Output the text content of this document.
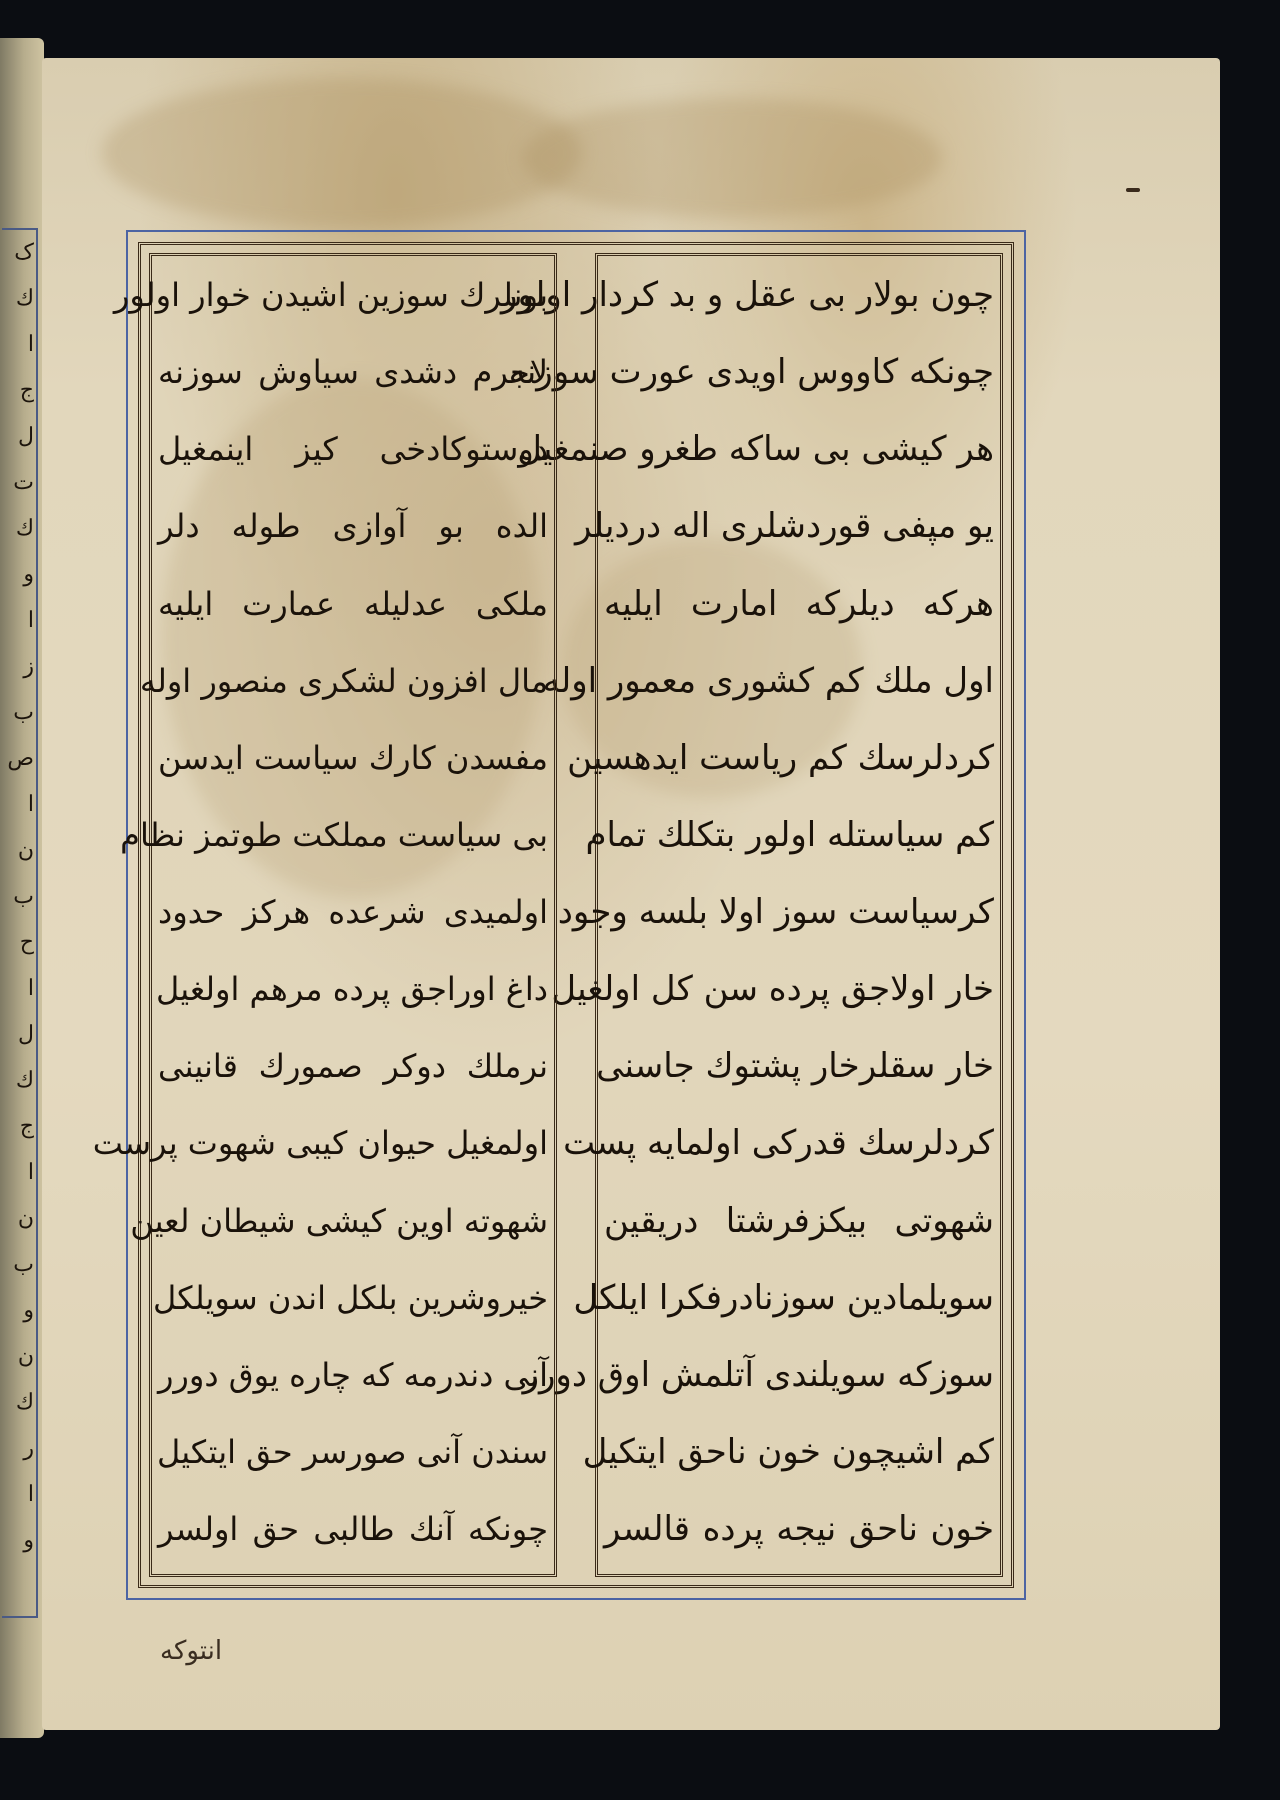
ک
ك
ا
ج
ل
ت
ك
و
ا
ز
ب
ص
ا
ن
ب
ح
ا
ل
ك
ج
ا
ن
ب
و
ن
ك
ر
ا
و
چون بولار بی عقل و بد کردار اولور
چونکه کاووس اویدی عورت سوزنه
هر کیشی بی ساکه طغرو صنمغیل
یو مپفی قوردشلری اله دردیلر
هرکه دیلرکه امارت ایلیه
اول ملك کم کشوری معمور اوله
کردلرسك کم ریاست ایدهسین
کم سیاستله اولور بتکلك تمام
کرسیاست سوز اولا بلسه وجود
خار اولاجق پرده سن کل اولغیل
خار سقلرخار پشتوك جاسنی
کردلرسك قدرکی اولمایه پست
شهوتی بیکزفرشتا دریقین
سویلمادین سوزنادرفکرا ایلکل
سوزکه سویلندی آتلمش اوق دورر
کم اشیچون خون ناحق ایتکیل
خون ناحق نیجه پرده قالسر
بونلرك سوزین اشیدن خوار اولور
لاجرم دشدی سیاوش سوزنه
دوستوکادخی کیز اینمغیل
الده بو آوازی طوله دلر
ملکی عدلیله عمارت ایلیه
مال افزون لشکری منصور اوله
مفسدن کارك سیاست ایدسن
بی سیاست مملکت طوتمز نظام
اولمیدی شرعده هرکز حدود
داغ اوراجق پرده مرهم اولغیل
نرملك دوکر صمورك قانینی
اولمغیل حیوان کیبی شهوت پرست
شهوته اوین کیشی شیطان لعین
خیروشرین بلکل اندن سویلکل
آنی دندرمه که چاره یوق دورر
سندن آنی صورسر حق ایتکیل
چونکه آنك طالبی حق اولسر
انتوکه
